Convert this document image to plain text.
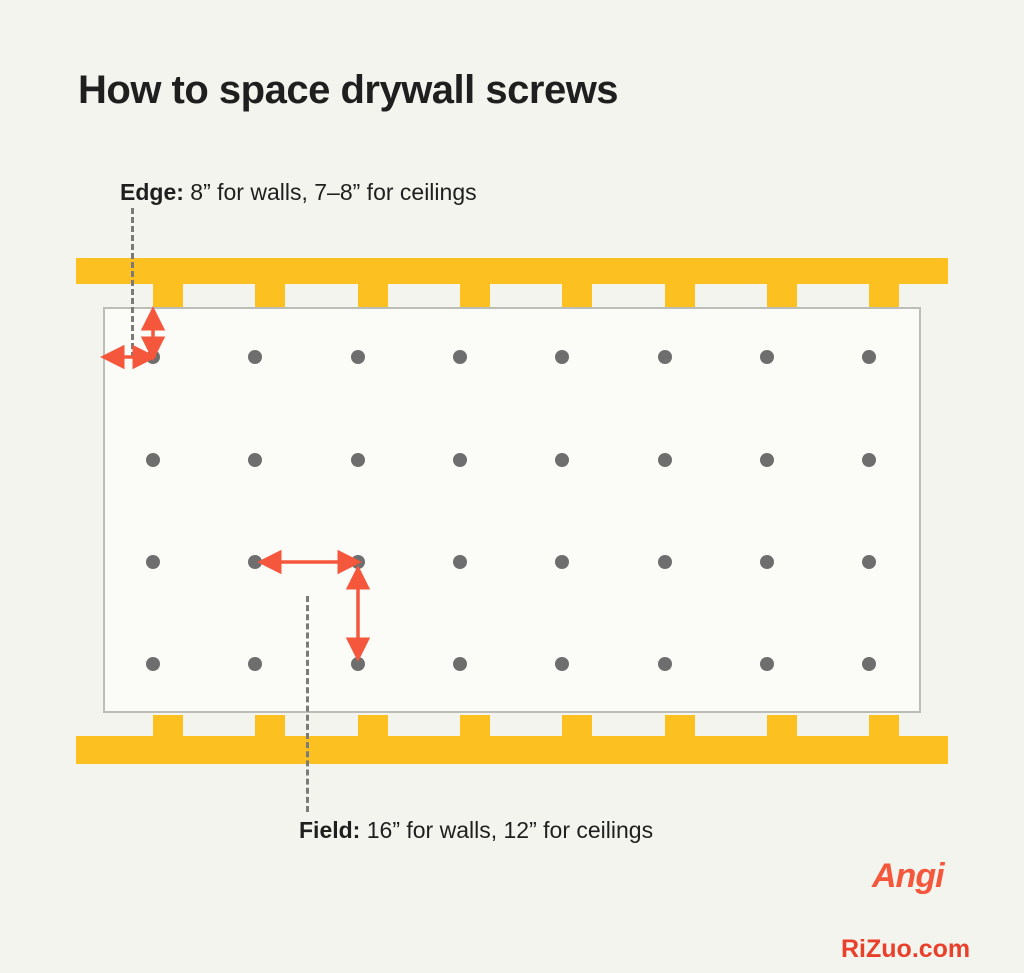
How to space drywall screws
Edge: 8” for walls, 7–8” for ceilings
Field: 16” for walls, 12” for ceilings
Angi
RiZuo.com
